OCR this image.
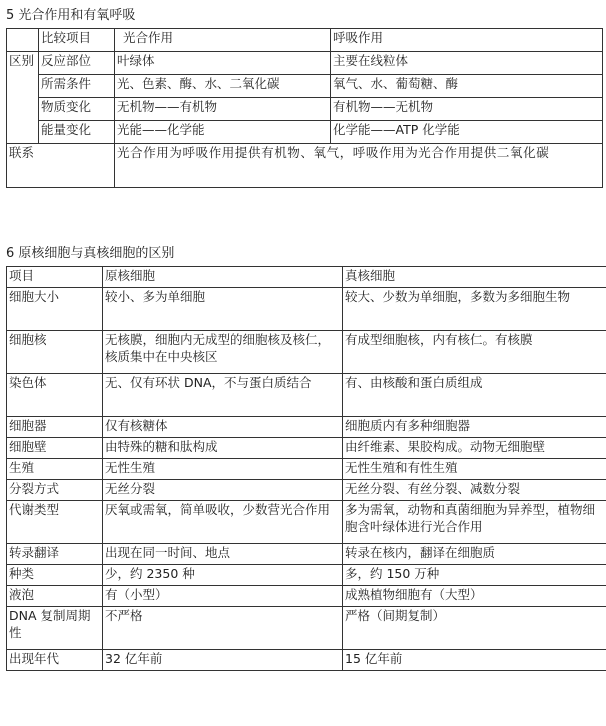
5 光合作用和有氧呼吸
	比较项目	光合作用	呼吸作用
区别	反应部位	叶绿体	主要在线粒体
	所需条件	光、色素、酶、水、二氧化碳	氧气、水、葡萄糖、酶
	物质变化	无机物——有机物	有机物——无机物
	能量变化	光能——化学能	化学能——ATP 化学能
联系		光合作用为呼吸作用提供有机物、氧气，呼吸作用为光合作用提供二氧化碳	
6 原核细胞与真核细胞的区别
项目	原核细胞	真核细胞
细胞大小	较小、多为单细胞	较大、少数为单细胞，多数为多细胞生物
细胞核	无核膜，细胞内无成型的细胞核及核仁，核质集中在中央核区	有成型细胞核，内有核仁。有核膜
染色体	无、仅有环状 DNA，不与蛋白质结合	有、由核酸和蛋白质组成
细胞器	仅有核糖体	细胞质内有多种细胞器
细胞壁	由特殊的糖和肽构成	由纤维素、果胶构成。动物无细胞壁
生殖	无性生殖	无性生殖和有性生殖
分裂方式	无丝分裂	无丝分裂、有丝分裂、减数分裂
代谢类型	厌氧或需氧，简单吸收，少数营光合作用	多为需氧，动物和真菌细胞为异养型，植物细胞含叶绿体进行光合作用
转录翻译	出现在同一时间、地点	转录在核内，翻译在细胞质
种类	少，约 2350 种	多，约 150 万种
液泡	有（小型）	成熟植物细胞有（大型）
DNA 复制周期性	不严格	严格（间期复制）
出现年代	32 亿年前	15 亿年前
